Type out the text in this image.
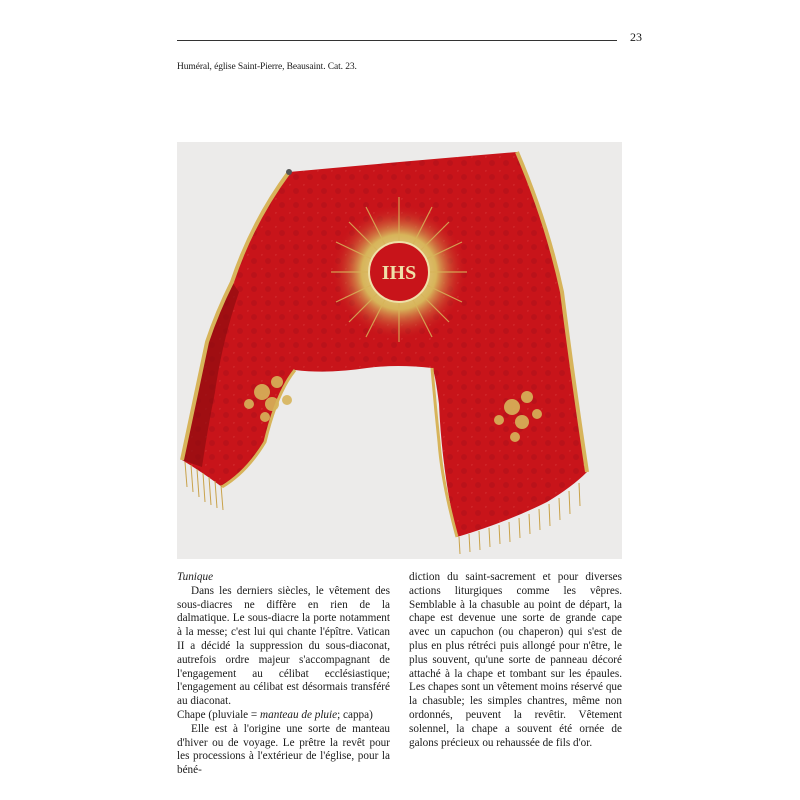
23
Huméral, église Saint-Pierre, Beausaint. Cat. 23.
IHS

Tunique

Dans les derniers siècles, le vêtement des sous-diacres ne diffère en rien de la dalmatique. Le sous-diacre la porte notamment à la messe; c'est lui qui chante l'épître. Vatican II a décidé la suppression du sous-diaconat, autrefois ordre majeur s'accompagnant de l'engagement au célibat ecclésiastique; l'engagement au célibat est désormais transféré au diaconat.

Chape (pluviale = manteau de pluie; cappa)

Elle est à l'origine une sorte de manteau d'hiver ou de voyage. Le prêtre la revêt pour les processions à l'extérieur de l'église, pour la béné-

diction du saint-sacrement et pour diverses actions liturgiques comme les vêpres. Semblable à la chasuble au point de départ, la chape est devenue une sorte de grande cape avec un capuchon (ou chaperon) qui s'est de plus en plus rétréci puis allongé pour n'être, le plus souvent, qu'une sorte de panneau décoré attaché à la chape et tombant sur les épaules. Les chapes sont un vêtement moins réservé que la chasuble; les simples chantres, même non ordonnés, peuvent la revêtir. Vêtement solennel, la chape a souvent été ornée de galons précieux ou rehaussée de fils d'or.
